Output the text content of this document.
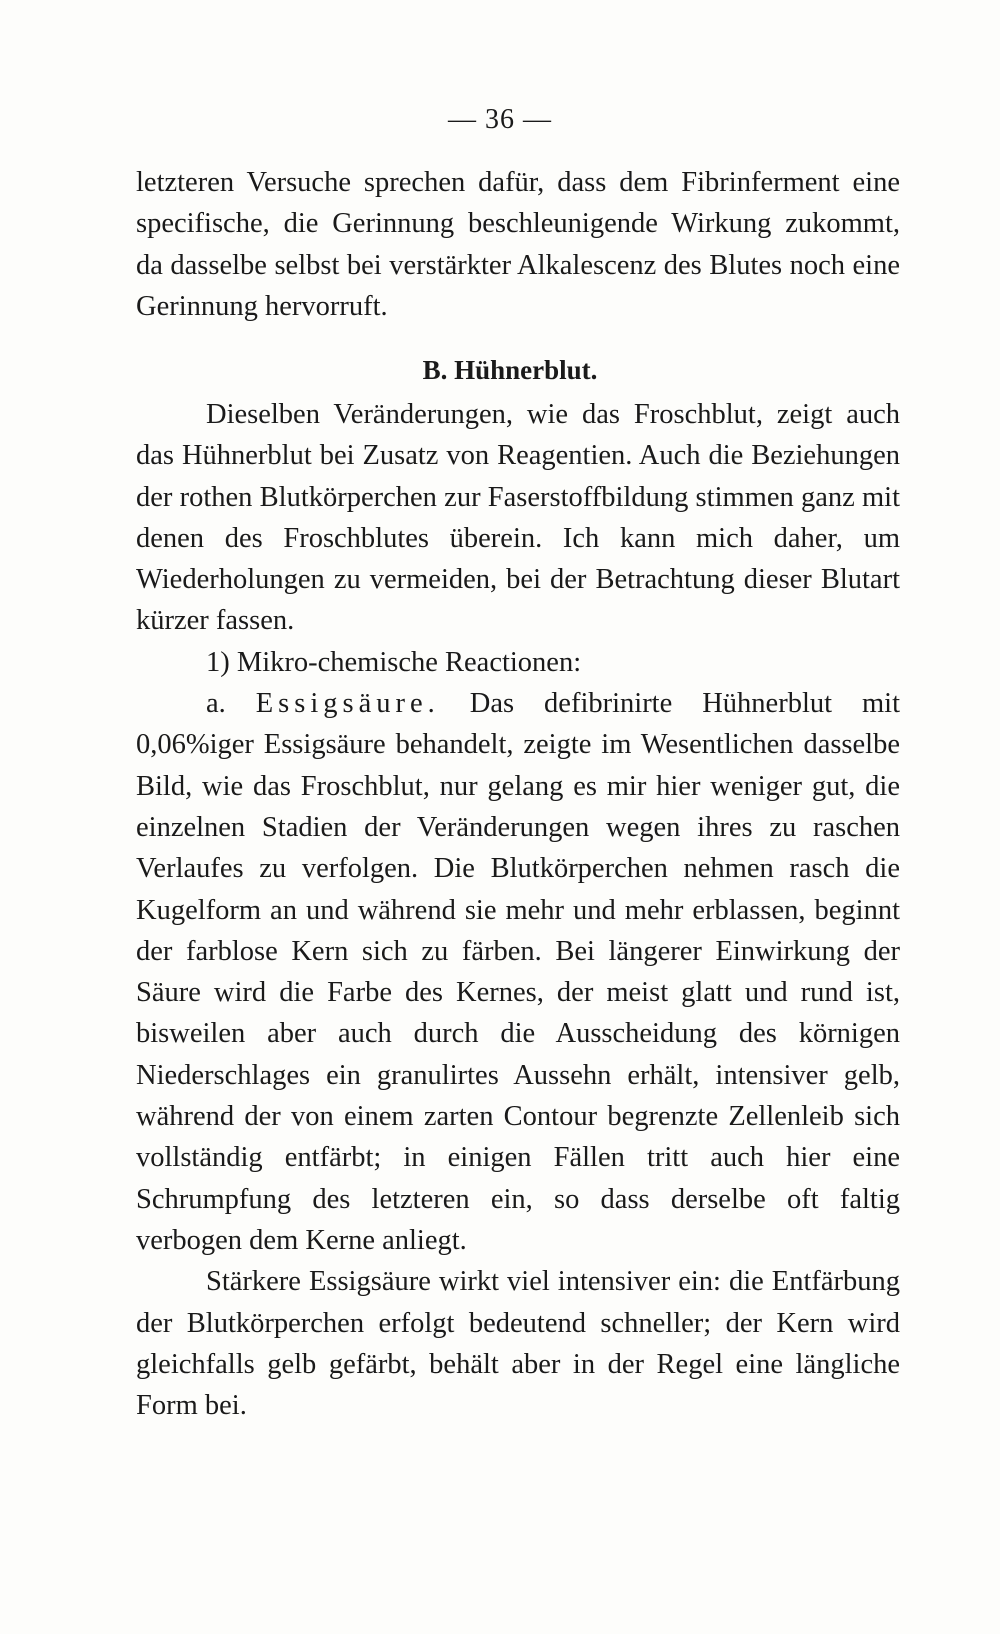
— 36 —

letzteren Versuche sprechen dafür, dass dem Fibrinferment eine specifische, die Gerinnung beschleunigende Wirkung zukommt, da dasselbe selbst bei verstärkter Alkalescenz des Blutes noch eine Gerinnung hervorruft.

B. Hühnerblut.

Dieselben Veränderungen, wie das Froschblut, zeigt auch das Hühnerblut bei Zusatz von Reagentien. Auch die Beziehungen der rothen Blutkörperchen zur Faserstoffbildung stimmen ganz mit denen des Froschblutes überein. Ich kann mich daher, um Wiederholungen zu vermeiden, bei der Betrachtung dieser Blutart kürzer fassen.

1) Mikro-chemische Reactionen:

a. Essigsäure. Das defibrinirte Hühnerblut mit 0,06%iger Essigsäure behandelt, zeigte im Wesentlichen dasselbe Bild, wie das Froschblut, nur gelang es mir hier weniger gut, die einzelnen Stadien der Veränderungen wegen ihres zu raschen Verlaufes zu verfolgen. Die Blutkörperchen nehmen rasch die Kugelform an und während sie mehr und mehr erblassen, beginnt der farblose Kern sich zu färben. Bei längerer Einwirkung der Säure wird die Farbe des Kernes, der meist glatt und rund ist, bisweilen aber auch durch die Ausscheidung des körnigen Niederschlages ein granulirtes Aussehn erhält, intensiver gelb, während der von einem zarten Contour begrenzte Zellenleib sich vollständig entfärbt; in einigen Fällen tritt auch hier eine Schrumpfung des letzteren ein, so dass derselbe oft faltig verbogen dem Kerne anliegt.

Stärkere Essigsäure wirkt viel intensiver ein: die Entfärbung der Blutkörperchen erfolgt bedeutend schneller; der Kern wird gleichfalls gelb gefärbt, behält aber in der Regel eine längliche Form bei.
